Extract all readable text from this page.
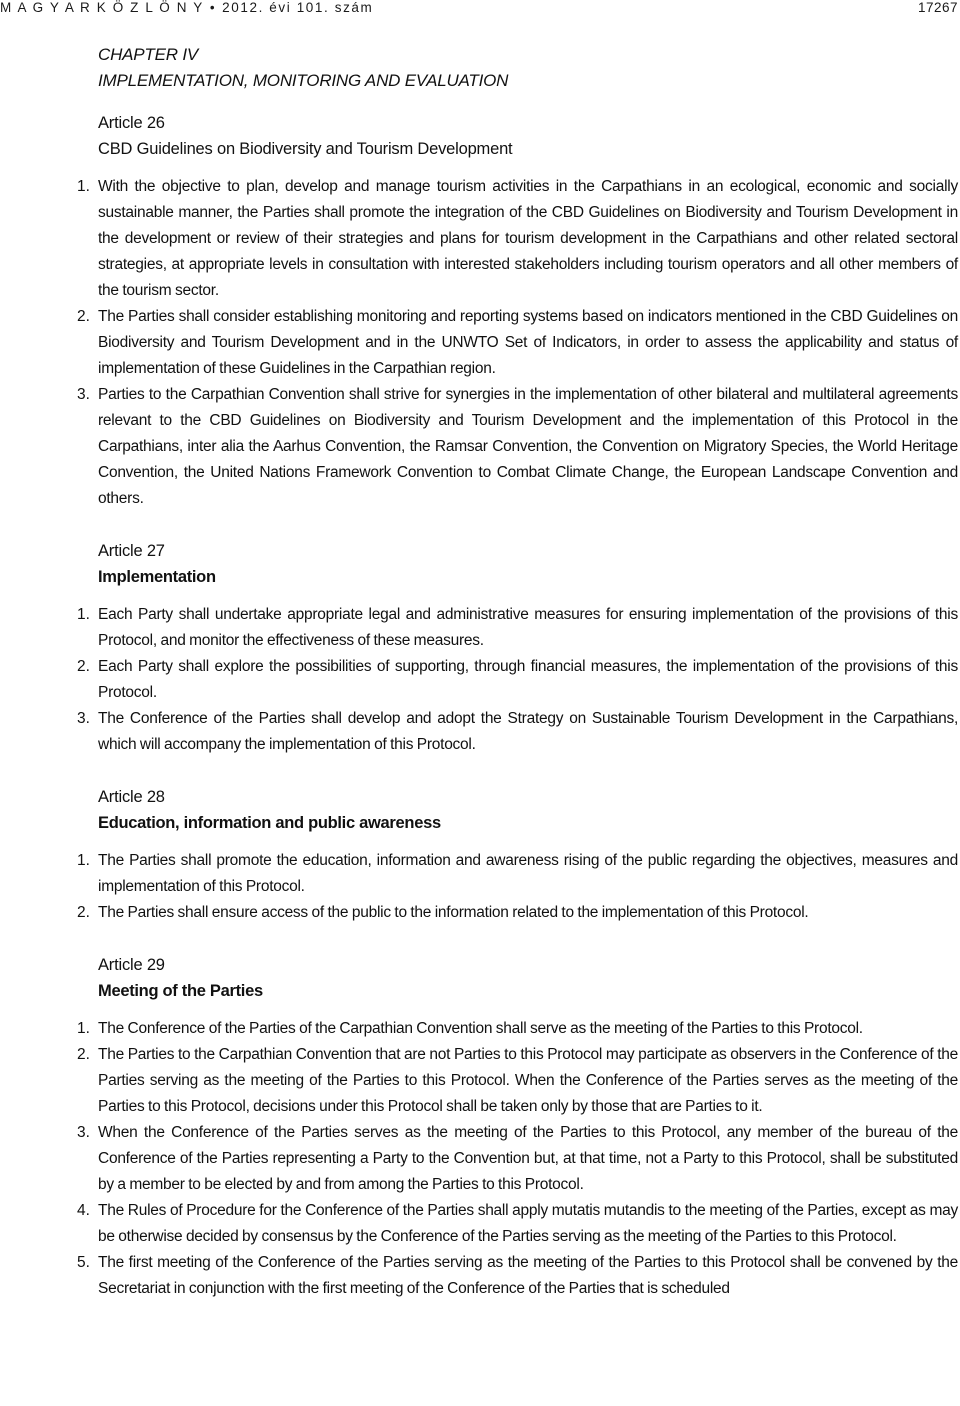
M A G Y A R K Ö Z L Ö N Y • 2012. évi 101. szám	17267
CHAPTER IV
IMPLEMENTATION, MONITORING AND EVALUATION
Article 26
CBD Guidelines on Biodiversity and Tourism Development
1. With the objective to plan, develop and manage tourism activities in the Carpathians in an ecological, economic and socially sustainable manner, the Parties shall promote the integration of the CBD Guidelines on Biodiversity and Tourism Development in the development or review of their strategies and plans for tourism development in the Carpathians and other related sectoral strategies, at appropriate levels in consultation with interested stakeholders including tourism operators and all other members of the tourism sector.
2. The Parties shall consider establishing monitoring and reporting systems based on indicators mentioned in the CBD Guidelines on Biodiversity and Tourism Development and in the UNWTO Set of Indicators, in order to assess the applicability and status of implementation of these Guidelines in the Carpathian region.
3. Parties to the Carpathian Convention shall strive for synergies in the implementation of other bilateral and multilateral agreements relevant to the CBD Guidelines on Biodiversity and Tourism Development and the implementation of this Protocol in the Carpathians, inter alia the Aarhus Convention, the Ramsar Convention, the Convention on Migratory Species, the World Heritage Convention, the United Nations Framework Convention to Combat Climate Change, the European Landscape Convention and others.
Article 27
Implementation
1. Each Party shall undertake appropriate legal and administrative measures for ensuring implementation of the provisions of this Protocol, and monitor the effectiveness of these measures.
2. Each Party shall explore the possibilities of supporting, through financial measures, the implementation of the provisions of this Protocol.
3. The Conference of the Parties shall develop and adopt the Strategy on Sustainable Tourism Development in the Carpathians, which will accompany the implementation of this Protocol.
Article 28
Education, information and public awareness
1. The Parties shall promote the education, information and awareness rising of the public regarding the objectives, measures and implementation of this Protocol.
2. The Parties shall ensure access of the public to the information related to the implementation of this Protocol.
Article 29
Meeting of the Parties
1. The Conference of the Parties of the Carpathian Convention shall serve as the meeting of the Parties to this Protocol.
2. The Parties to the Carpathian Convention that are not Parties to this Protocol may participate as observers in the Conference of the Parties serving as the meeting of the Parties to this Protocol. When the Conference of the Parties serves as the meeting of the Parties to this Protocol, decisions under this Protocol shall be taken only by those that are Parties to it.
3. When the Conference of the Parties serves as the meeting of the Parties to this Protocol, any member of the bureau of the Conference of the Parties representing a Party to the Convention but, at that time, not a Party to this Protocol, shall be substituted by a member to be elected by and from among the Parties to this Protocol.
4. The Rules of Procedure for the Conference of the Parties shall apply mutatis mutandis to the meeting of the Parties, except as may be otherwise decided by consensus by the Conference of the Parties serving as the meeting of the Parties to this Protocol.
5. The first meeting of the Conference of the Parties serving as the meeting of the Parties to this Protocol shall be convened by the Secretariat in conjunction with the first meeting of the Conference of the Parties that is scheduled
